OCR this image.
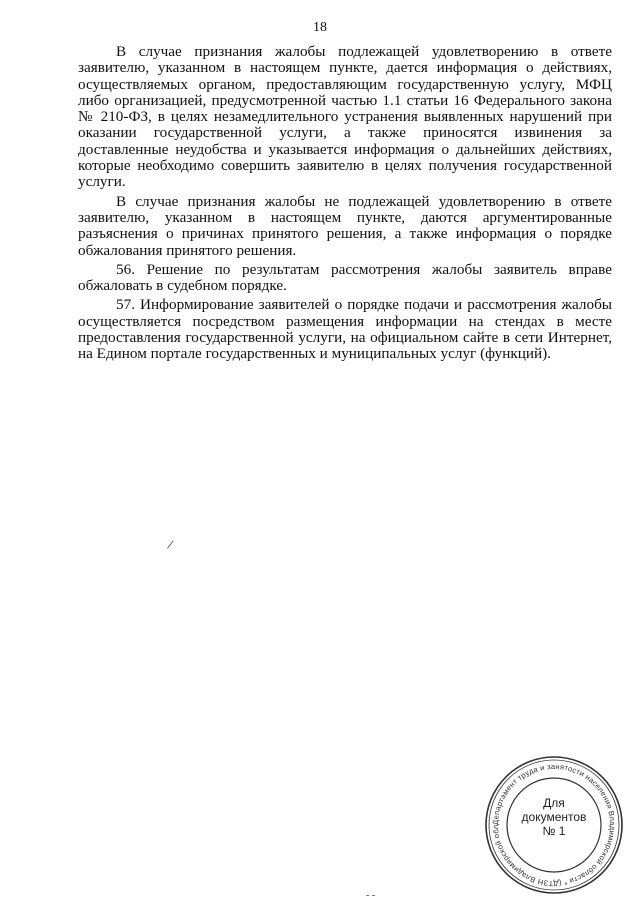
18

В случае признания жалобы подлежащей удовлетворению в ответе заявителю, указанном в настоящем пункте, дается информация о действиях, осуществляемых органом, предоставляющим государственную услугу, МФЦ либо организацией, предусмотренной частью 1.1 статьи 16 Федерального закона № 210-ФЗ, в целях незамедлительного устранения выявленных нарушений при оказании государственной услуги, а также приносятся извинения за доставленные неудобства и указывается информация о дальнейших действиях, которые необходимо совершить заявителю в целях получения государственной услуги.

В случае признания жалобы не подлежащей удовлетворению в ответе заявителю, указанном в настоящем пункте, даются аргументированные разъяснения о причинах принятого решения, а также информация о порядке обжалования принятого решения.

56. Решение по результатам рассмотрения жалобы заявитель вправе обжаловать в судебном порядке.

57. Информирование заявителей о порядке подачи и рассмотрения жалобы осуществляется посредством размещения информации на стендах в месте предоставления государственной услуги, на официальном сайте в сети Интернет, на Едином портале государственных и муниципальных услуг (функций).

/
- -
Департамент труда и занятости населения Владимирской области * (ДТЗН Владимирской обл
Для
документов
№ 1
